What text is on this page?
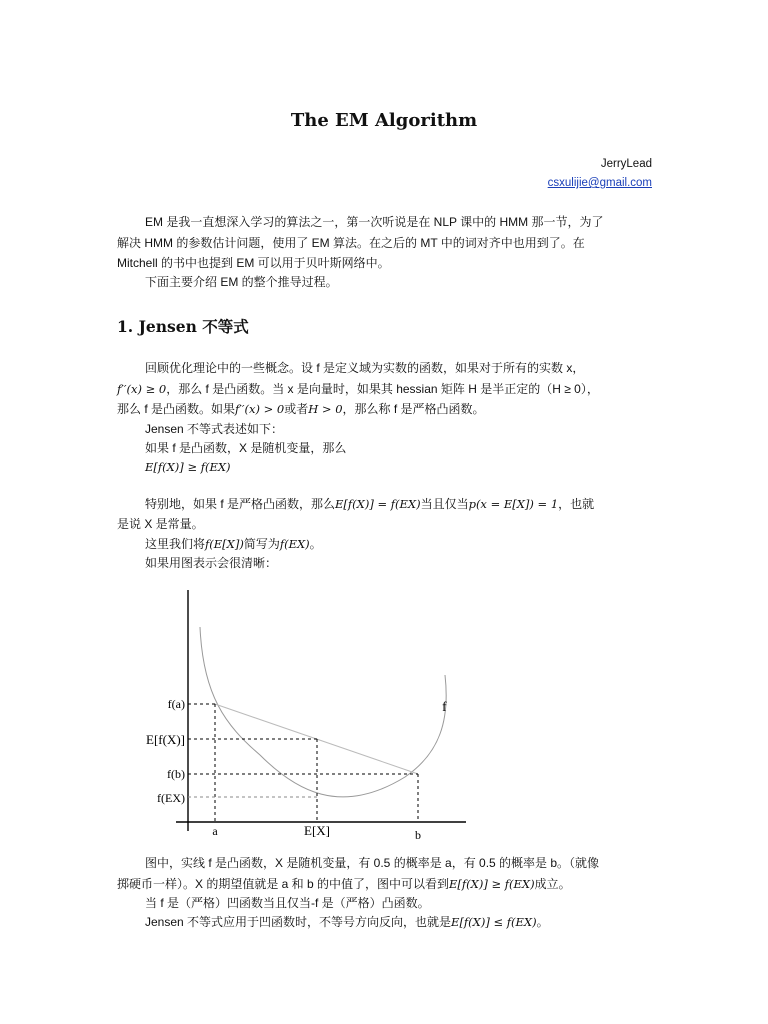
The EM Algorithm
JerryLead
csxulijie@gmail.com
EM 是我一直想深入学习的算法之一，第一次听说是在 NLP 课中的 HMM 那一节，为了
解决 HMM 的参数估计问题，使用了 EM 算法。在之后的 MT 中的词对齐中也用到了。在
Mitchell 的书中也提到 EM 可以用于贝叶斯网络中。
下面主要介绍 EM 的整个推导过程。
1. Jensen 不等式
回顾优化理论中的一些概念。设 f 是定义域为实数的函数，如果对于所有的实数 x，
f′′(x) ≥ 0，那么 f 是凸函数。当 x 是向量时，如果其 hessian 矩阵 H 是半正定的（H ≥ 0），
那么 f 是凸函数。如果f′′(x) > 0或者H > 0，那么称 f 是严格凸函数。
Jensen 不等式表述如下：
如果 f 是凸函数，X 是随机变量，那么
E[f(X)] ≥ f(EX)
特别地，如果 f 是严格凸函数，那么E[f(X)] = f(EX)当且仅当p(x = E[X]) = 1，也就
是说 X 是常量。
这里我们将f(E[X])简写为f(EX)。
如果用图表示会很清晰：
f(a)
E[f(X)]
f(b)
f(EX)
a	E[X]	b
f
图中，实线 f 是凸函数，X 是随机变量，有 0.5 的概率是 a，有 0.5 的概率是 b。（就像
掷硬币一样）。X 的期望值就是 a 和 b 的中值了，图中可以看到E[f(X)] ≥ f(EX)成立。
当 f 是（严格）凹函数当且仅当-f 是（严格）凸函数。
Jensen 不等式应用于凹函数时，不等号方向反向，也就是E[f(X)] ≤ f(EX)。
